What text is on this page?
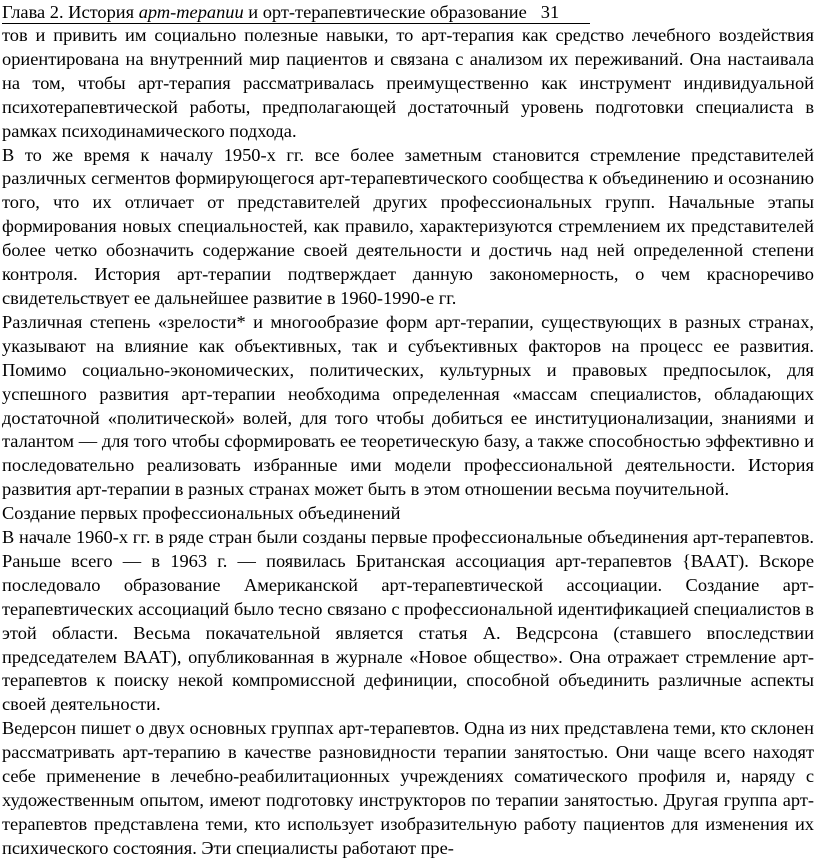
Глава 2. История арт-терапии и орт-терапевтические образование 31

тов и привить им социально полезные навыки, то арт-терапия как средство лечебного воздействия ориентирована на внутренний мир пациентов и связана с анализом их переживаний. Она настаивала на том, чтобы арт-терапия рассматривалась преимущественно как инструмент индивидуальной психотерапевтической работы, предполагающей достаточный уровень подготовки специалиста в рамках психодинамического подхода.

В то же время к началу 1950-х гг. все более заметным становится стремление представителей различных сегментов формирующегося арт-терапевтического сообщества к объединению и осознанию того, что их отличает от представителей других профессиональных групп. Начальные этапы формирования новых специальностей, как правило, характеризуются стремлением их представителей более четко обозначить содержание своей деятельности и достичь над ней определенной степени контроля. История арт-терапии подтверждает данную закономерность, о чем красноречиво свидетельствует ее дальнейшее развитие в 1960-1990-е гг.

Различная степень «зрелости* и многообразие форм арт-терапии, существующих в разных странах, указывают на влияние как объективных, так и субъективных факторов на процесс ее развития. Помимо социально-экономических, политических, культурных и правовых предпосылок, для успешного развития арт-терапии необходима определенная «массам специалистов, обладающих достаточной «политической» волей, для того чтобы добиться ее институционализации, знаниями и талантом — для того чтобы сформировать ее теоретическую базу, а также способностью эффективно и последовательно реализовать избранные ими модели профессиональной деятельности. История развития арт-терапии в разных странах может быть в этом отношении весьма поучительной.

Создание первых профессиональных объединений

В начале 1960-х гг. в ряде стран были созданы первые профессиональные объединения арт-терапевтов. Раньше всего — в 1963 г. — появилась Британская ассоциация арт-терапевтов {ВААТ). Вскоре последовало образование Американской арт-терапевтической ассоциации. Создание арт-терапевтических ассоциаций было тесно связано с профессиональной идентификацией специалистов в этой области. Весьма покачательной является статья А. Ведсрсона (ставшего впоследствии председателем ВААТ), опубликованная в журнале «Новое общество». Она отражает стремление арт-терапевтов к поиску некой компромиссной дефиниции, способной объединить различные аспекты своей деятельности.

Ведерсон пишет о двух основных группах арт-терапевтов. Одна из них представлена теми, кто склонен рассматривать арт-терапию в качестве разновидности терапии занятостью. Они чаще всего находят себе применение в лечебно-реабилитационных учреждениях соматического профиля и, наряду с художественным опытом, имеют подготовку инструкторов по терапии занятостью. Другая группа арт-терапевтов представлена теми, кто использует изобразительную работу пациентов для изменения их психического состояния. Эти специалисты работают пре-
